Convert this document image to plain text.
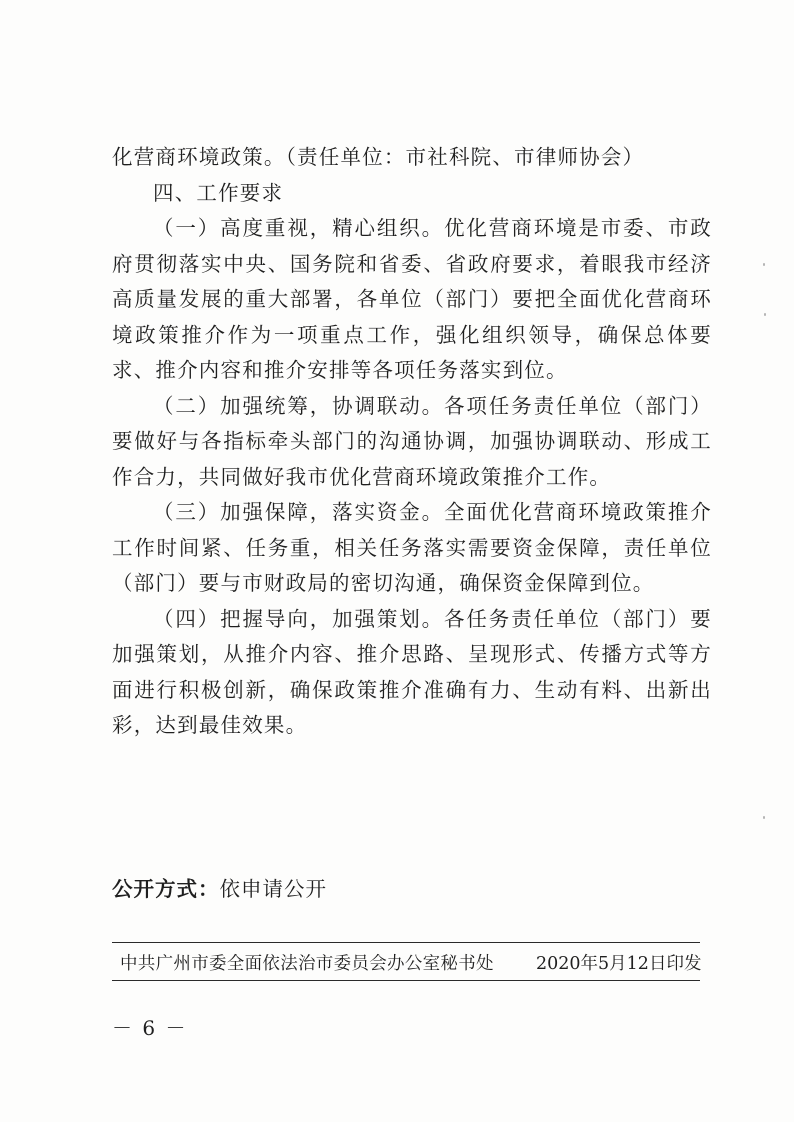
化营商环境政策。（责任单位：市社科院、市律师协会）

四、工作要求

（一）高度重视，精心组织。优化营商环境是市委、市政府贯彻落实中央、国务院和省委、省政府要求，着眼我市经济高质量发展的重大部署，各单位（部门）要把全面优化营商环境政策推介作为一项重点工作，强化组织领导，确保总体要求、推介内容和推介安排等各项任务落实到位。

（二）加强统筹，协调联动。各项任务责任单位（部门）要做好与各指标牵头部门的沟通协调，加强协调联动、形成工作合力，共同做好我市优化营商环境政策推介工作。

（三）加强保障，落实资金。全面优化营商环境政策推介工作时间紧、任务重，相关任务落实需要资金保障，责任单位（部门）要与市财政局的密切沟通，确保资金保障到位。

（四）把握导向，加强策划。各任务责任单位（部门）要加强策划，从推介内容、推介思路、呈现形式、传播方式等方面进行积极创新，确保政策推介准确有力、生动有料、出新出彩，达到最佳效果。

公开方式：依申请公开
中共广州市委全面依法治市委员会办公室秘书处 2020年5月12日印发
－ 6 －
